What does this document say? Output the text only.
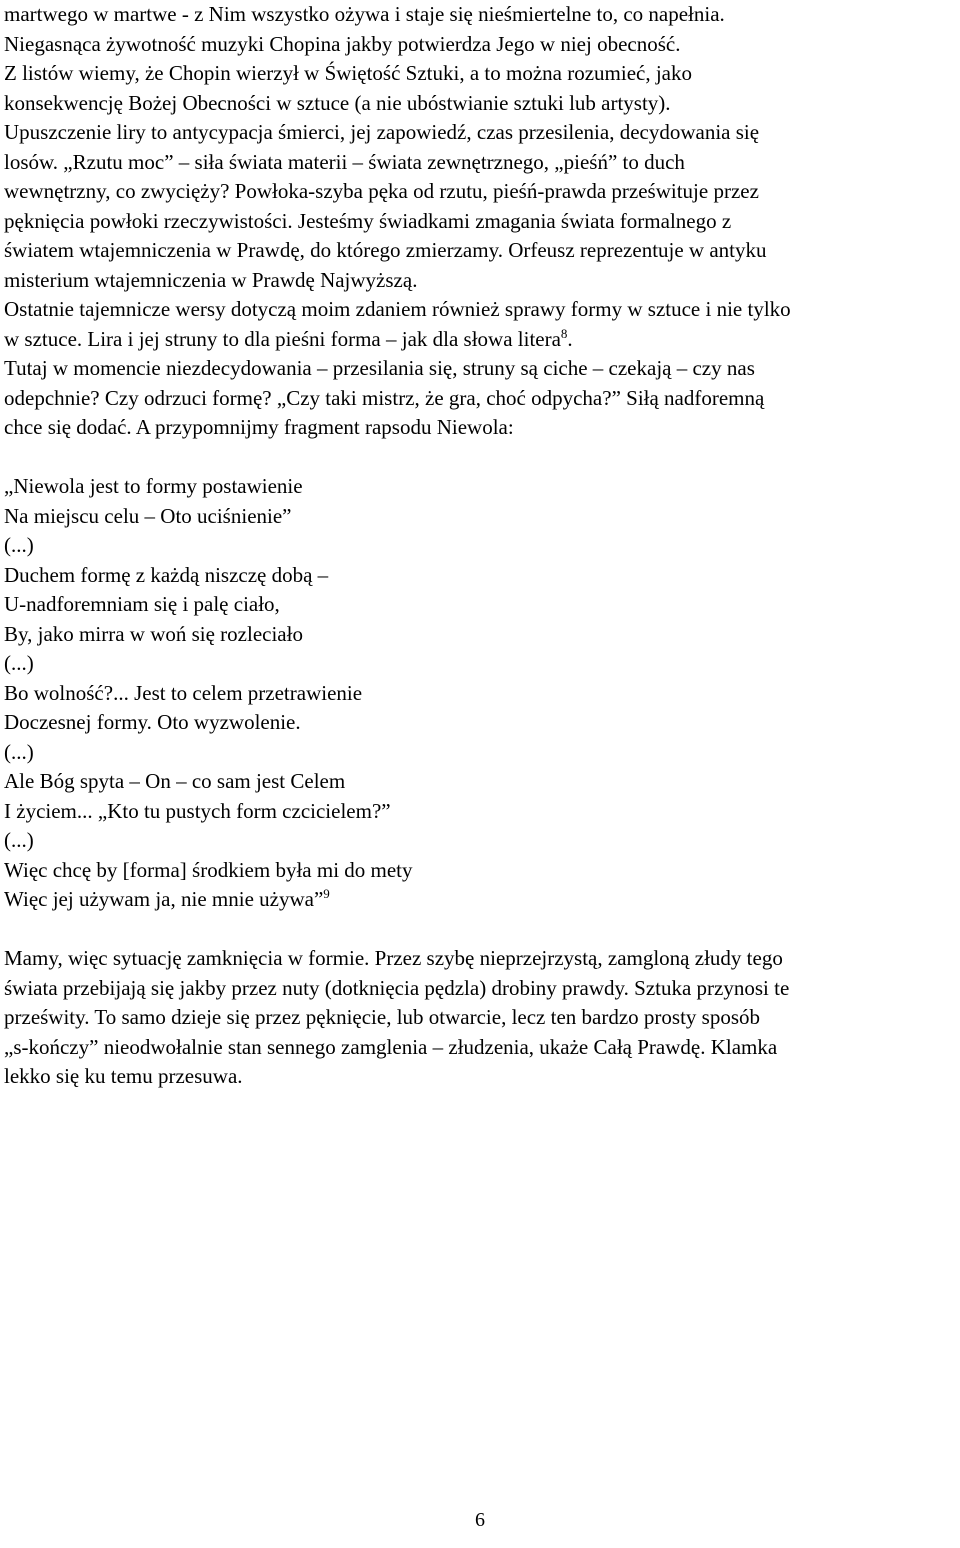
martwego w martwe - z Nim wszystko ożywa i staje się nieśmiertelne to, co napełnia.
Niegasnąca żywotność muzyki Chopina jakby potwierdza Jego w niej obecność.
Z listów wiemy, że Chopin wierzył w Świętość Sztuki, a to można rozumieć, jako
konsekwencję Bożej Obecności w sztuce (a nie ubóstwianie sztuki lub artysty).
Upuszczenie liry to antycypacja śmierci, jej zapowiedź, czas przesilenia, decydowania się
losów. „Rzutu moc” – siła świata materii – świata zewnętrznego, „pieśń” to duch
wewnętrzny, co zwycięży? Powłoka-szyba pęka od rzutu, pieśń-prawda prześwituje przez
pęknięcia powłoki rzeczywistości. Jesteśmy świadkami zmagania świata formalnego z
światem wtajemniczenia w Prawdę, do którego zmierzamy. Orfeusz reprezentuje w antyku
misterium wtajemniczenia w Prawdę Najwyższą.
Ostatnie tajemnicze wersy dotyczą moim zdaniem również sprawy formy w sztuce i nie tylko
w sztuce. Lira i jej struny to dla pieśni forma – jak dla słowa litera$^8$.
Tutaj w momencie niezdecydowania – przesilania się, struny są ciche – czekają – czy nas
odepchnie? Czy odrzuci formę? „Czy taki mistrz, że gra, choć odpycha?” Siłą nadforemną
chce się dodać. A przypomnijmy fragment rapsodu Niewola:
„Niewola jest to formy postawienie
Na miejscu celu – Oto uciśnienie”
(...)
Duchem formę z każdą niszczę dobą –
U-nadforemniam się i palę ciało,
By, jako mirra w woń się rozleciało
(...)
Bo wolność?... Jest to celem przetrawienie
Doczesnej formy. Oto wyzwolenie.
(...)
Ale Bóg spyta – On – co sam jest Celem
I życiem... „Kto tu pustych form czcicielem?”
(...)
Więc chcę by [forma] środkiem była mi do mety
Więc jej używam ja, nie mnie używa”$^9$
Mamy, więc sytuację zamknięcia w formie. Przez szybę nieprzejrzystą, zamgloną złudy tego
świata przebijają się jakby przez nuty (dotknięcia pędzla) drobiny prawdy. Sztuka przynosi te
prześwity. To samo dzieje się przez pęknięcie, lub otwarcie, lecz ten bardzo prosty sposób
„s-kończy” nieodwołalnie stan sennego zamglenia – złudzenia, ukaże Całą Prawdę. Klamka
lekko się ku temu przesuwa.
6
